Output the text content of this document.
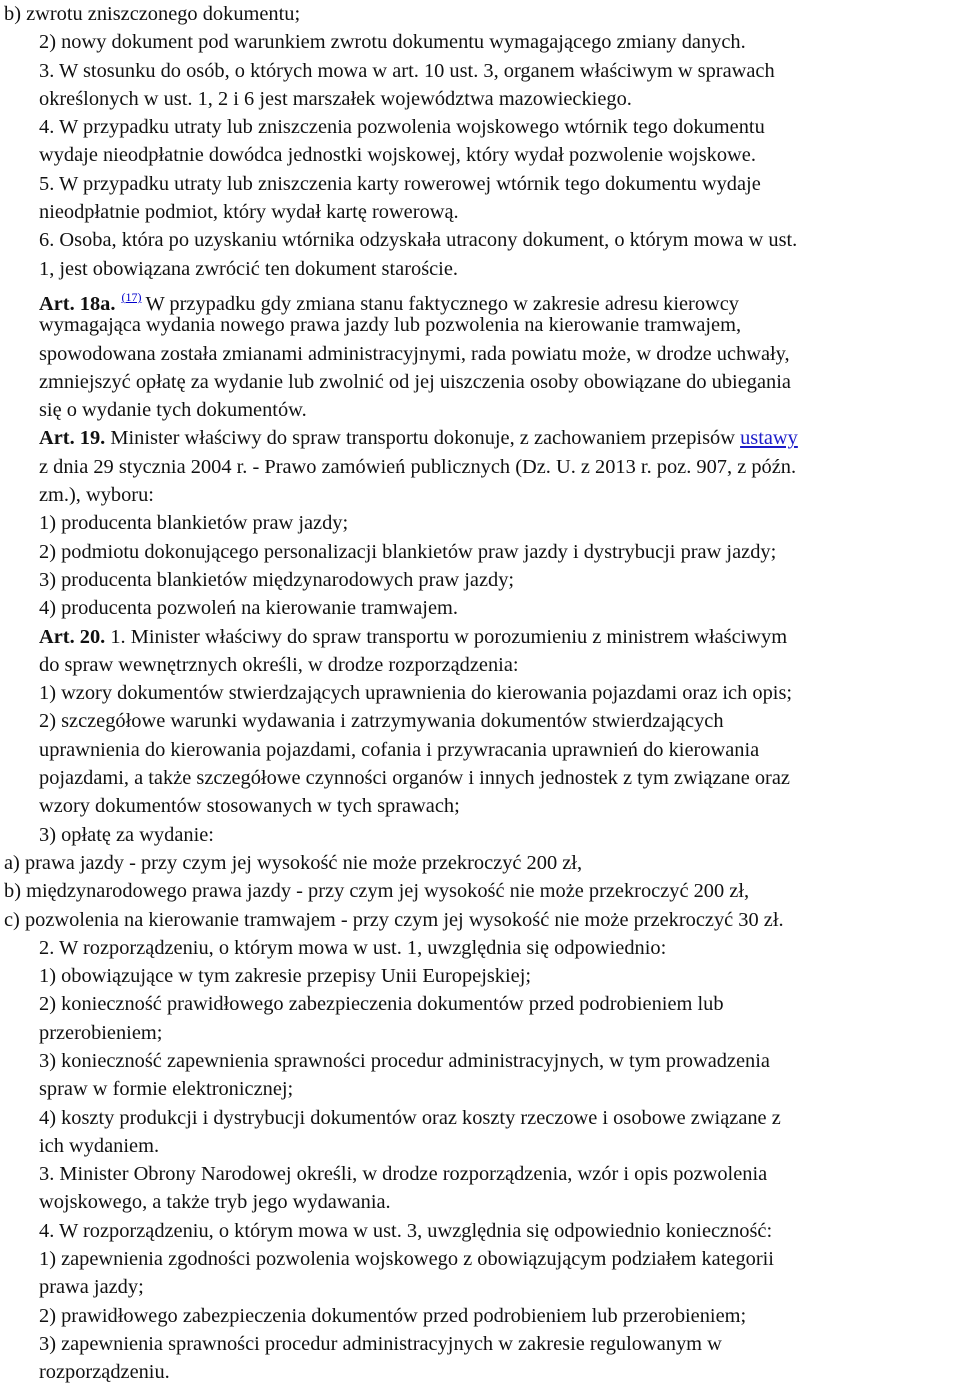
b) zwrotu zniszczonego dokumentu;
2) nowy dokument pod warunkiem zwrotu dokumentu wymagającego zmiany danych.
3. W stosunku do osób, o których mowa w art. 10 ust. 3, organem właściwym w sprawach
określonych w ust. 1, 2 i 6 jest marszałek województwa mazowieckiego.
4. W przypadku utraty lub zniszczenia pozwolenia wojskowego wtórnik tego dokumentu
wydaje nieodpłatnie dowódca jednostki wojskowej, który wydał pozwolenie wojskowe.
5. W przypadku utraty lub zniszczenia karty rowerowej wtórnik tego dokumentu wydaje
nieodpłatnie podmiot, który wydał kartę rowerową.
6. Osoba, która po uzyskaniu wtórnika odzyskała utracony dokument, o którym mowa w ust.
1, jest obowiązana zwrócić ten dokument staroście.
Art. 18a. $^{(17)}$ W przypadku gdy zmiana stanu faktycznego w zakresie adresu kierowcy
wymagająca wydania nowego prawa jazdy lub pozwolenia na kierowanie tramwajem,
spowodowana została zmianami administracyjnymi, rada powiatu może, w drodze uchwały,
zmniejszyć opłatę za wydanie lub zwolnić od jej uiszczenia osoby obowiązane do ubiegania
się o wydanie tych dokumentów.
Art. 19. Minister właściwy do spraw transportu dokonuje, z zachowaniem przepisów ustawy
z dnia 29 stycznia 2004 r. - Prawo zamówień publicznych (Dz. U. z 2013 r. poz. 907, z późn.
zm.), wyboru:
1) producenta blankietów praw jazdy;
2) podmiotu dokonującego personalizacji blankietów praw jazdy i dystrybucji praw jazdy;
3) producenta blankietów międzynarodowych praw jazdy;
4) producenta pozwoleń na kierowanie tramwajem.
Art. 20. 1. Minister właściwy do spraw transportu w porozumieniu z ministrem właściwym
do spraw wewnętrznych określi, w drodze rozporządzenia:
1) wzory dokumentów stwierdzających uprawnienia do kierowania pojazdami oraz ich opis;
2) szczegółowe warunki wydawania i zatrzymywania dokumentów stwierdzających
uprawnienia do kierowania pojazdami, cofania i przywracania uprawnień do kierowania
pojazdami, a także szczegółowe czynności organów i innych jednostek z tym związane oraz
wzory dokumentów stosowanych w tych sprawach;
3) opłatę za wydanie:
a) prawa jazdy - przy czym jej wysokość nie może przekroczyć 200 zł,
b) międzynarodowego prawa jazdy - przy czym jej wysokość nie może przekroczyć 200 zł,
c) pozwolenia na kierowanie tramwajem - przy czym jej wysokość nie może przekroczyć 30 zł.
2. W rozporządzeniu, o którym mowa w ust. 1, uwzględnia się odpowiednio:
1) obowiązujące w tym zakresie przepisy Unii Europejskiej;
2) konieczność prawidłowego zabezpieczenia dokumentów przed podrobieniem lub
przerobieniem;
3) konieczność zapewnienia sprawności procedur administracyjnych, w tym prowadzenia
spraw w formie elektronicznej;
4) koszty produkcji i dystrybucji dokumentów oraz koszty rzeczowe i osobowe związane z
ich wydaniem.
3. Minister Obrony Narodowej określi, w drodze rozporządzenia, wzór i opis pozwolenia
wojskowego, a także tryb jego wydawania.
4. W rozporządzeniu, o którym mowa w ust. 3, uwzględnia się odpowiednio konieczność:
1) zapewnienia zgodności pozwolenia wojskowego z obowiązującym podziałem kategorii
prawa jazdy;
2) prawidłowego zabezpieczenia dokumentów przed podrobieniem lub przerobieniem;
3) zapewnienia sprawności procedur administracyjnych w zakresie regulowanym w
rozporządzeniu.
